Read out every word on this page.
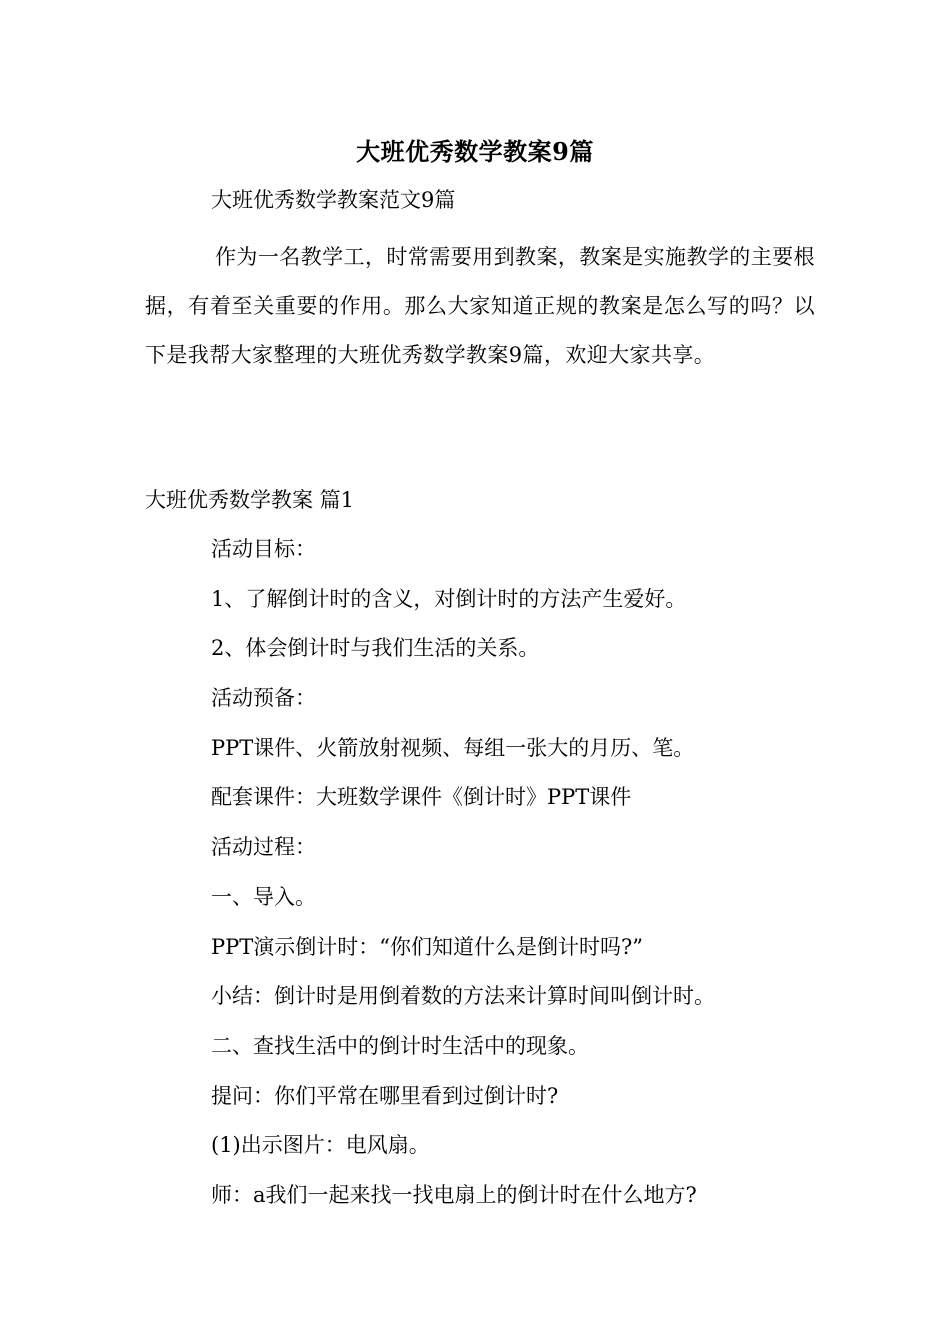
大班优秀数学教案9篇

大班优秀数学教案范文9篇

作为一名教学工，时常需要用到教案，教案是实施教学的主要根据，有着至关重要的作用。那么大家知道正规的教案是怎么写的吗？以下是我帮大家整理的大班优秀数学教案9篇，欢迎大家共享。

大班优秀数学教案 篇1

活动目标：
1、了解倒计时的含义，对倒计时的方法产生爱好。
2、体会倒计时与我们生活的关系。
活动预备：
PPT课件、火箭放射视频、每组一张大的月历、笔。
配套课件：大班数学课件《倒计时》PPT课件
活动过程：
一、导入。
PPT演示倒计时：“你们知道什么是倒计时吗?”
小结：倒计时是用倒着数的方法来计算时间叫倒计时。
二、查找生活中的倒计时生活中的现象。
提问：你们平常在哪里看到过倒计时?
(1)出示图片：电风扇。
师：a我们一起来找一找电扇上的倒计时在什么地方?
